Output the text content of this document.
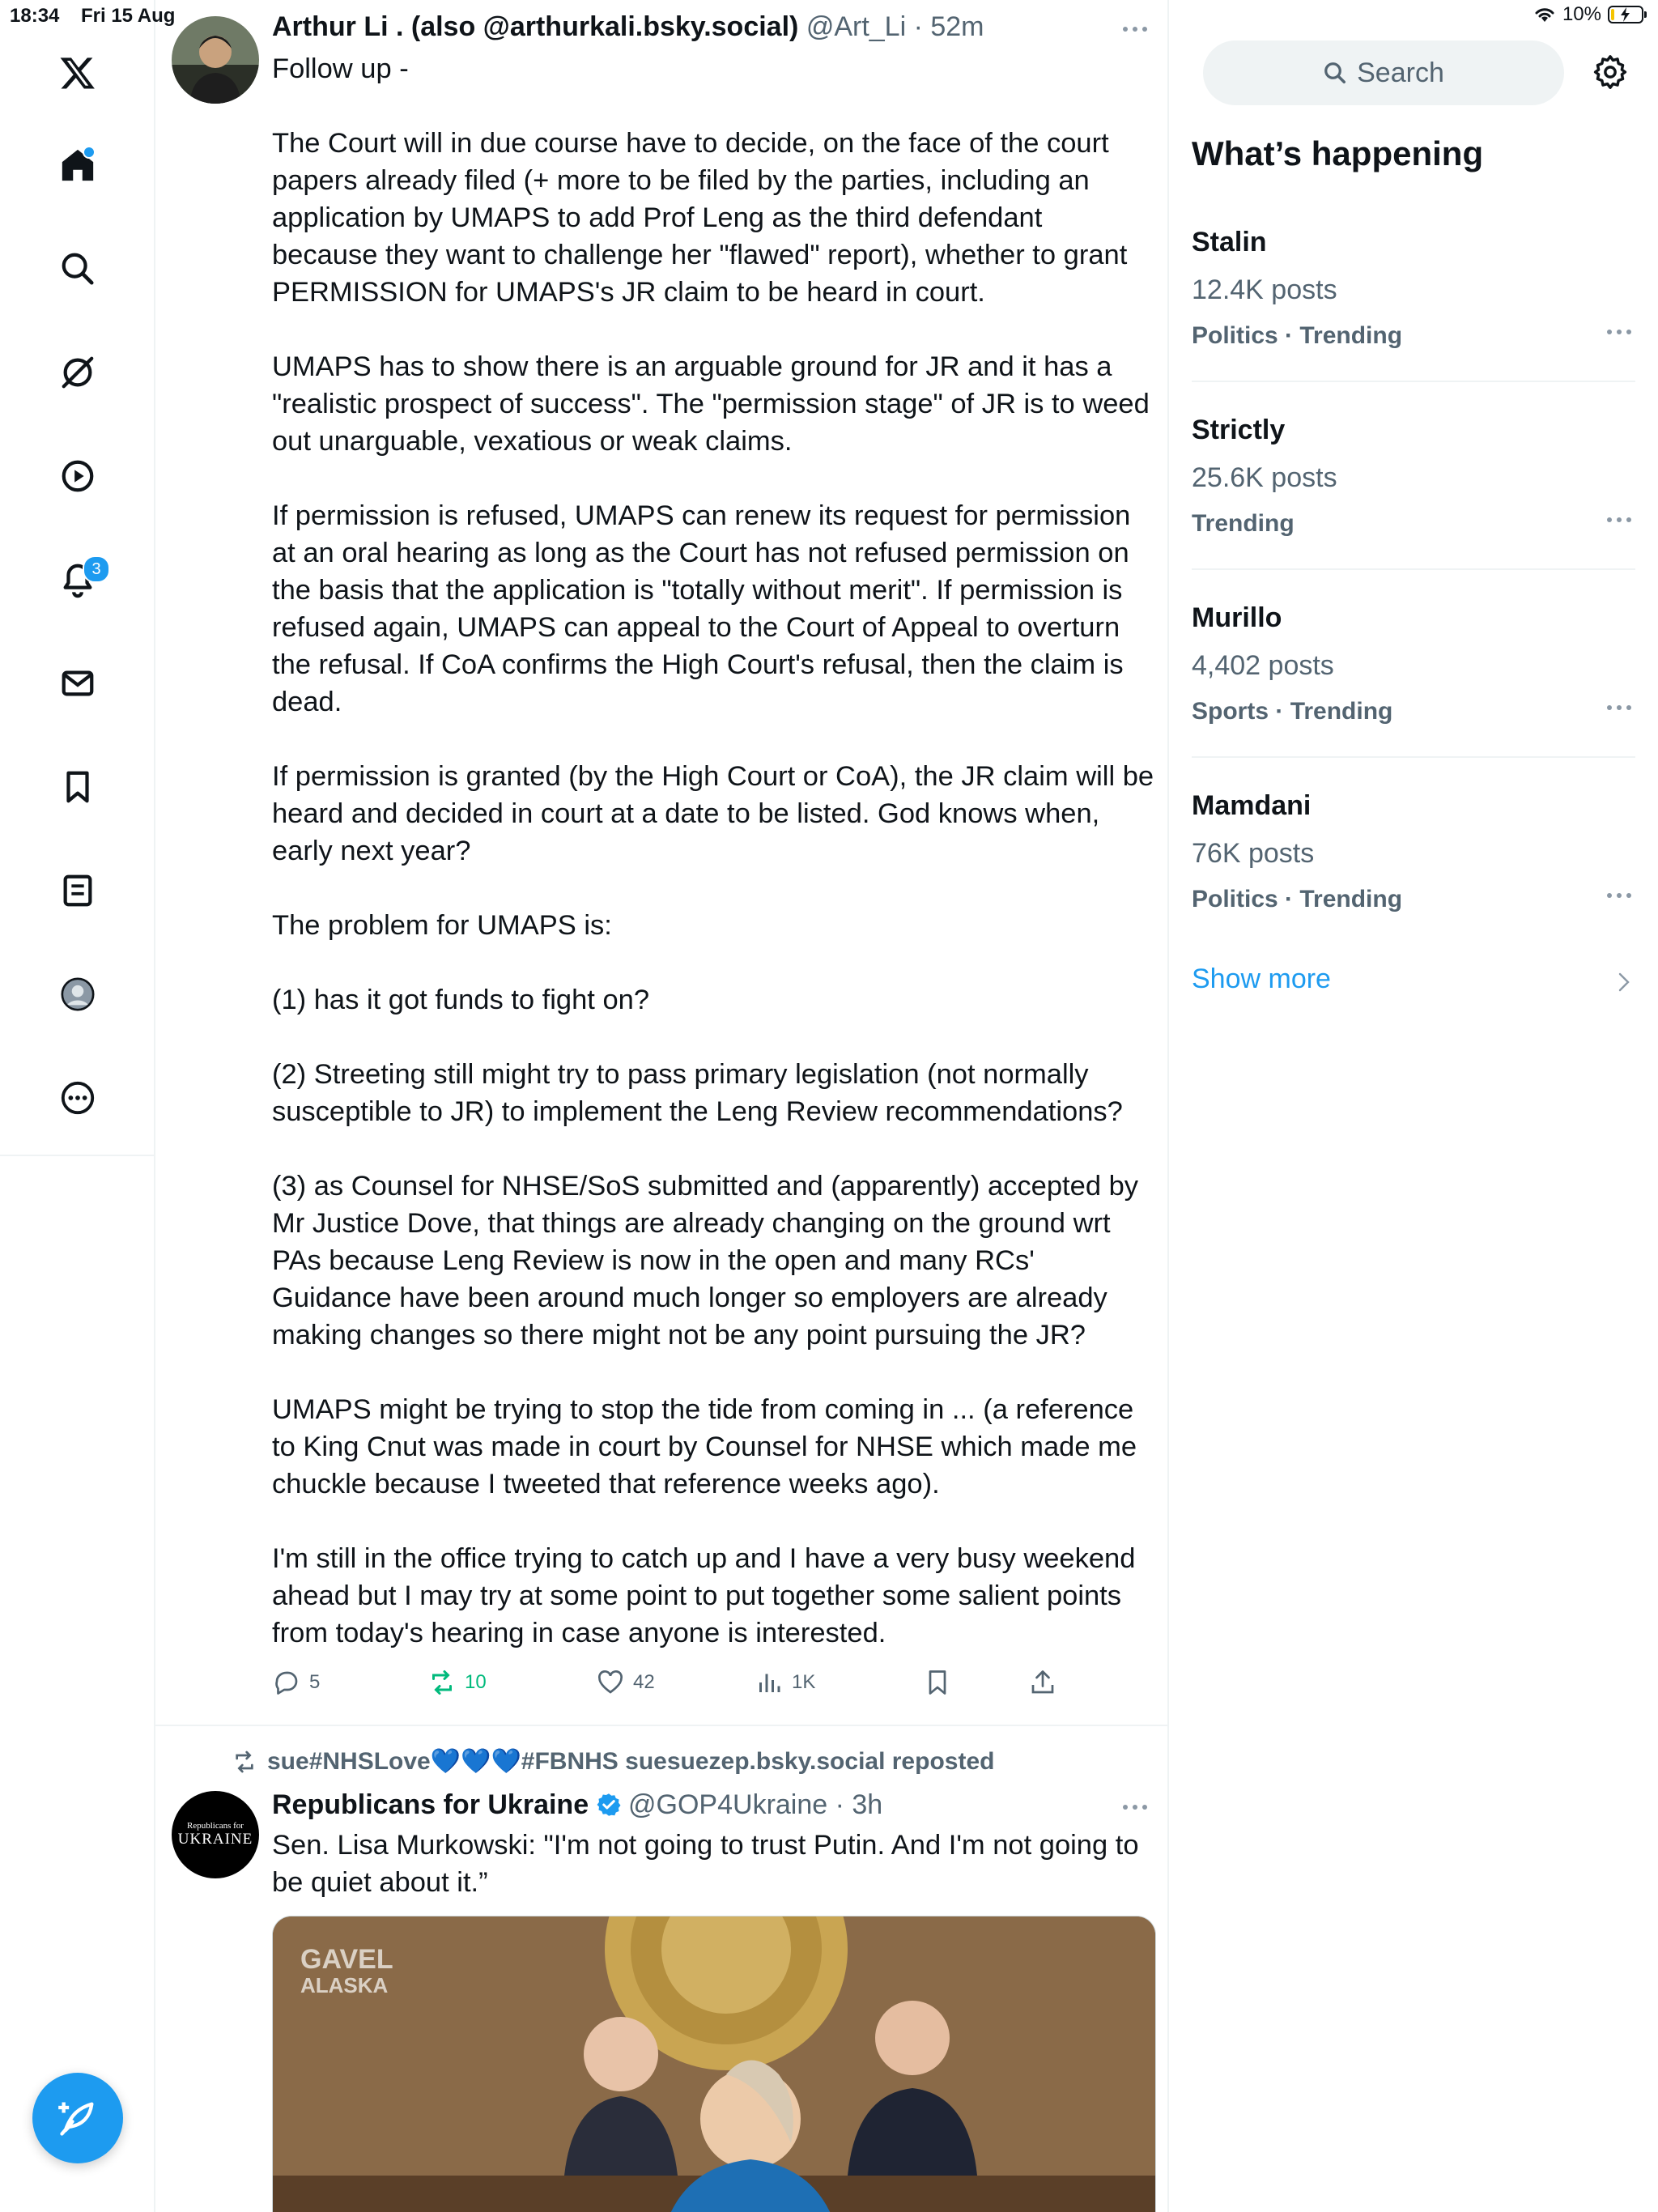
18:34 Fri 15 Aug	10%
3
Arthur Li . (also @arthurkali.bsky.social) @Art_Li · 52m

Follow up -

The Court will in due course have to decide, on the face of the court papers already filed (+ more to be filed by the parties, including an application by UMAPS to add Prof Leng as the third defendant because they want to challenge her "flawed" report), whether to grant PERMISSION for UMAPS's JR claim to be heard in court.

UMAPS has to show there is an arguable ground for JR and it has a "realistic prospect of success". The "permission stage" of JR is to weed out unarguable, vexatious or weak claims.

If permission is refused, UMAPS can renew its request for permission at an oral hearing as long as the Court has not refused permission on the basis that the application is "totally without merit". If permission is refused again, UMAPS can appeal to the Court of Appeal to overturn the refusal. If CoA confirms the High Court's refusal, then the claim is dead.

If permission is granted (by the High Court or CoA), the JR claim will be heard and decided in court at a date to be listed. God knows when, early next year?

The problem for UMAPS is:

(1) has it got funds to fight on?

(2) Streeting still might try to pass primary legislation (not normally susceptible to JR) to implement the Leng Review recommendations?

(3) as Counsel for NHSE/SoS submitted and (apparently) accepted by Mr Justice Dove, that things are already changing on the ground wrt PAs because Leng Review is now in the open and many RCs' Guidance have been around much longer so employers are already making changes so there might not be any point pursuing the JR?

UMAPS might be trying to stop the tide from coming in ... (a reference to King Cnut was made in court by Counsel for NHSE which made me chuckle because I tweeted that reference weeks ago).

I'm still in the office trying to catch up and I have a very busy weekend ahead but I may try at some point to put together some salient points from today's hearing in case anyone is interested.

5	10	42	1K
sue#NHSLove💙💙💙#FBNHS suesuezep.bsky.social reposted
Republicans for
UKRAINE
Republicans for Ukraine @GOP4Ukraine · 3h

Sen. Lisa Murkowski: "I'm not going to trust Putin. And I'm not going to be quiet about it.”

GAVEL
ALASKA
Search
What’s happening
Stalin
12.4K posts
Politics · Trending
Strictly
25.6K posts
Trending
Murillo
4,402 posts
Sports · Trending
Mamdani
76K posts
Politics · Trending
Show more
